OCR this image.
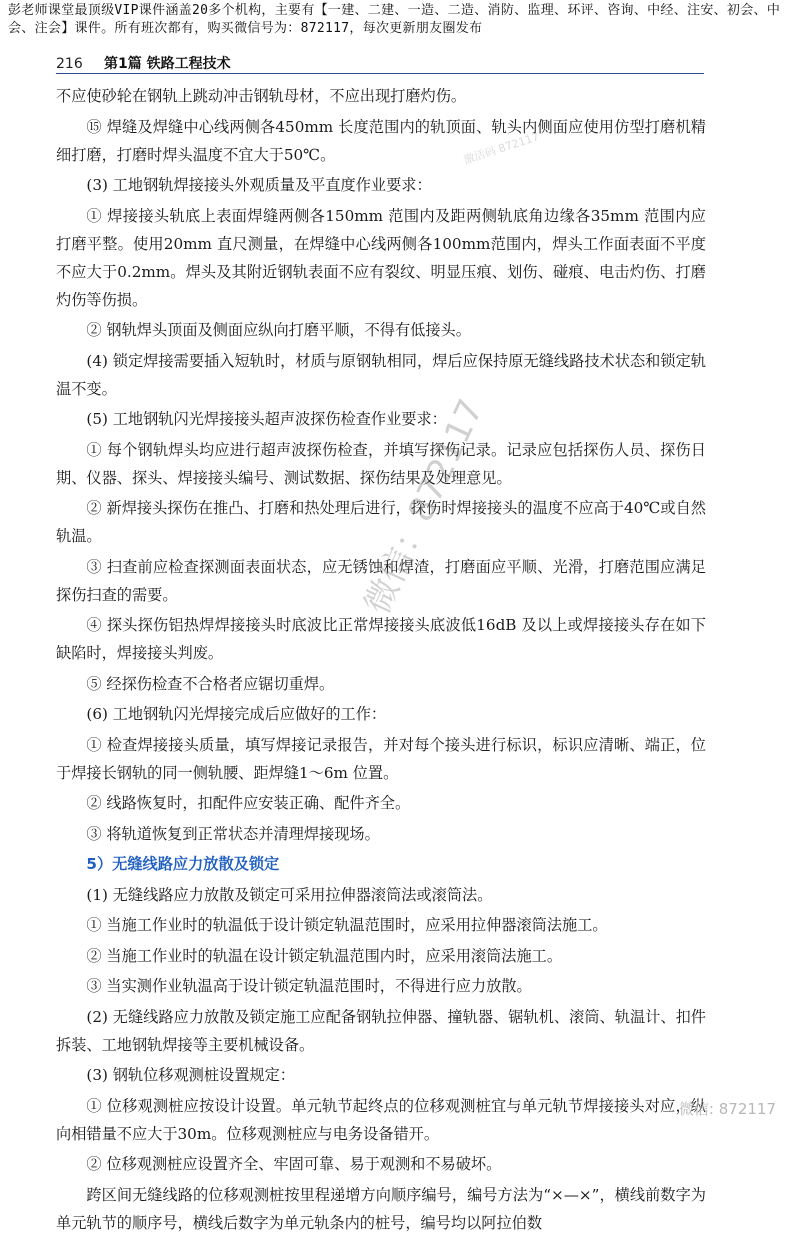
彭老师课堂最顶级VIP课件涵盖20多个机构，主要有【一建、二建、一造、二造、消防、监理、环评、咨询、中经、注安、初会、中会、注会】课件。所有班次都有，购买微信号为：872117，每次更新朋友圈发布
216 第1篇 铁路工程技术

不应使砂轮在钢轨上跳动冲击钢轨母材，不应出现打磨灼伤。

⑮ 焊缝及焊缝中心线两侧各450mm 长度范围内的轨顶面、轨头内侧面应使用仿型打磨机精细打磨，打磨时焊头温度不宜大于50℃。

(3) 工地钢轨焊接接头外观质量及平直度作业要求：

① 焊接接头轨底上表面焊缝两侧各150mm 范围内及距两侧轨底角边缘各35mm 范围内应打磨平整。使用20mm 直尺测量，在焊缝中心线两侧各100mm范围内，焊头工作面表面不平度不应大于0.2mm。焊头及其附近钢轨表面不应有裂纹、明显压痕、划伤、碰痕、电击灼伤、打磨灼伤等伤损。

② 钢轨焊头顶面及侧面应纵向打磨平顺，不得有低接头。

(4) 锁定焊接需要插入短轨时，材质与原钢轨相同，焊后应保持原无缝线路技术状态和锁定轨温不变。

(5) 工地钢轨闪光焊接接头超声波探伤检查作业要求：

① 每个钢轨焊头均应进行超声波探伤检查，并填写探伤记录。记录应包括探伤人员、探伤日期、仪器、探头、焊接接头编号、测试数据、探伤结果及处理意见。

② 新焊接头探伤在推凸、打磨和热处理后进行，探伤时焊接接头的温度不应高于40℃或自然轨温。

③ 扫查前应检查探测面表面状态，应无锈蚀和焊渣，打磨面应平顺、光滑，打磨范围应满足探伤扫查的需要。

④ 探头探伤铝热焊焊接接头时底波比正常焊接接头底波低16dB 及以上或焊接接头存在如下缺陷时，焊接接头判废。

⑤ 经探伤检查不合格者应锯切重焊。

(6) 工地钢轨闪光焊接完成后应做好的工作：

① 检查焊接接头质量，填写焊接记录报告，并对每个接头进行标识，标识应清晰、端正，位于焊接长钢轨的同一侧轨腰、距焊缝1～6m 位置。

② 线路恢复时，扣配件应安装正确、配件齐全。

③ 将轨道恢复到正常状态并清理焊接现场。

5）无缝线路应力放散及锁定

(1) 无缝线路应力放散及锁定可采用拉伸器滚筒法或滚筒法。

① 当施工作业时的轨温低于设计锁定轨温范围时，应采用拉伸器滚筒法施工。

② 当施工作业时的轨温在设计锁定轨温范围内时，应采用滚筒法施工。

③ 当实测作业轨温高于设计锁定轨温范围时，不得进行应力放散。

(2) 无缝线路应力放散及锁定施工应配备钢轨拉伸器、撞轨器、锯轨机、滚筒、轨温计、扣件拆装、工地钢轨焊接等主要机械设备。

(3) 钢轨位移观测桩设置规定：

① 位移观测桩应按设计设置。单元轨节起终点的位移观测桩宜与单元轨节焊接接头对应，纵向相错量不应大于30m。位移观测桩应与电务设备错开。

② 位移观测桩应设置齐全、牢固可靠、易于观测和不易破坏。

跨区间无缝线路的位移观测桩按里程递增方向顺序编号，编号方法为“×—×”，横线前数字为单元轨节的顺序号，横线后数字为单元轨条内的桩号，编号均以阿拉伯数

微信：872117
激活码 872117
微信: 872117
